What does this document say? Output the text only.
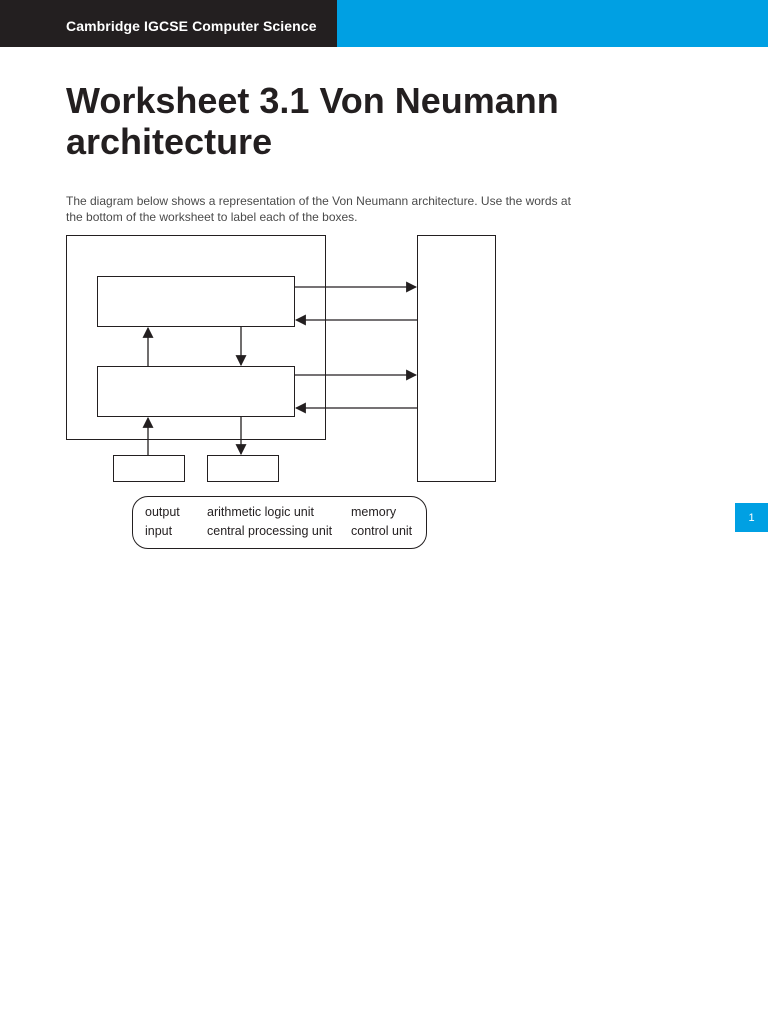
Cambridge IGCSE Computer Science
Worksheet 3.1 Von Neumann architecture

The diagram below shows a representation of the Von Neumann architecture. Use the words at the bottom of the worksheet to label each of the boxes.

output
input
arithmetic logic unit
central processing unit
memory
control unit
1
